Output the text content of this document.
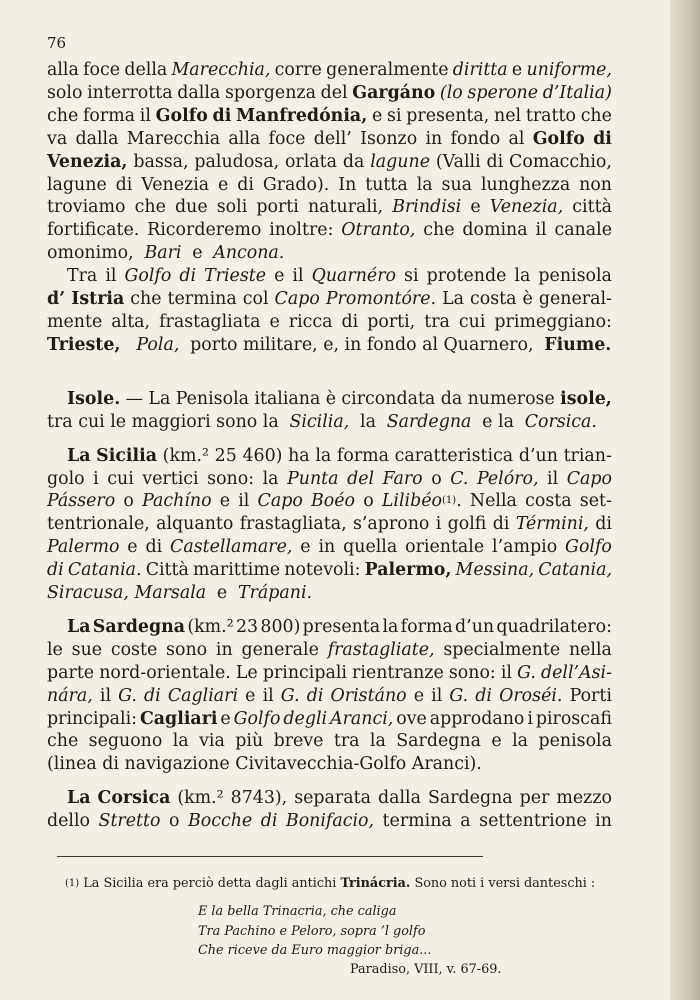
76
alla foce della Marecchia, corre generalmente diritta e uniforme,
solo interrotta dalla sporgenza del Gargáno (lo sperone d’Italia)
che forma il Golfo di Manfredónia, e si presenta, nel tratto che
va dalla Marecchia alla foce dell’ Isonzo in fondo al Golfo di
Venezia, bassa, paludosa, orlata da lagune (Valli di Comacchio,
lagune di Venezia e di Grado). In tutta la sua lunghezza non
troviamo che due soli porti naturali, Brindisi e Venezia, città
fortificate. Ricorderemo inoltre: Otranto, che domina il canale
omonimo, Bari e Ancona.
Tra il Golfo di Trieste e il Quarnéro si protende la penisola
d’ Istria che termina col Capo Promontóre. La costa è general-
mente alta, frastagliata e ricca di porti, tra cui primeggiano:
Trieste,
Pola, porto militare, e, in fondo al Quarnero, Fiume.
Isole. — La Penisola italiana è circondata da numerose isole,
tra cui le maggiori sono la Sicilia, la Sardegna e la Corsica.
La Sicilia (km.² 25 460) ha la forma caratteristica d’un trian-
golo i cui vertici sono: la Punta del Faro o C. Pelóro, il Capo
Pássero o Pachíno e il Capo Boéo o Lilibéo$^{(1)}$. Nella costa set-
tentrionale, alquanto frastagliata, s’aprono i golfi di Términi, di
Palermo e di Castellamare, e in quella orientale l’ampio Golfo
di Catania. Città marittime notevoli: Palermo, Messina, Catania,
Siracusa, Marsala e Trápani.
La Sardegna (km.² 23 800) presenta la forma d’un quadrilatero:
le sue coste sono in generale frastagliate, specialmente nella
parte nord-orientale. Le principali rientranze sono: il G. dell’Asi-
nára, il G. di Cagliari e il G. di Oristáno e il G. di Oroséi. Porti
principali: Cagliari e Golfo degli Aranci, ove approdano i piroscafi
che seguono la via più breve tra la Sardegna e la penisola
(linea di navigazione Civitavecchia-Golfo Aranci).
La Corsica (km.² 8743), separata dalla Sardegna per mezzo
dello Stretto o Bocche di Bonifacio, termina a settentrione in
$^{(1)}$ La Sicilia era perciò detta dagli antichi Trinácria. Sono noti i versi danteschi :
E la bella Trinacria, che caliga
Tra Pachino e Peloro, sopra ’l golfo
Che riceve da Euro maggior briga...
Paradiso, VIII, v. 67-69.
